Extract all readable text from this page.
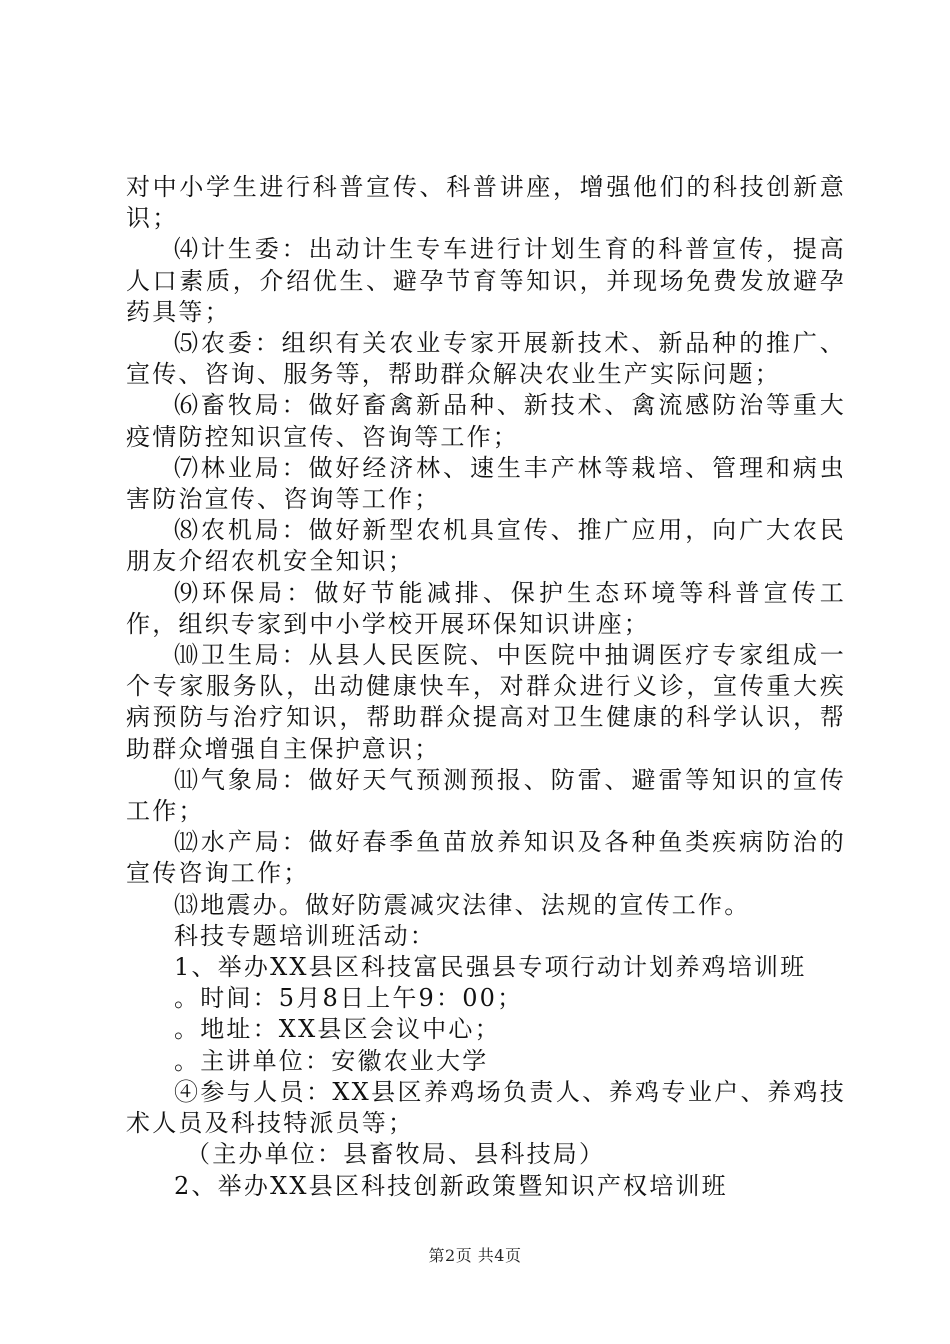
对中小学生进行科普宣传、科普讲座，增强他们的科技创新意识；

⑷计生委：出动计生专车进行计划生育的科普宣传，提高人口素质，介绍优生、避孕节育等知识，并现场免费发放避孕药具等；

⑸农委：组织有关农业专家开展新技术、新品种的推广、宣传、咨询、服务等，帮助群众解决农业生产实际问题；

⑹畜牧局：做好畜禽新品种、新技术、禽流感防治等重大疫情防控知识宣传、咨询等工作；

⑺林业局：做好经济林、速生丰产林等栽培、管理和病虫害防治宣传、咨询等工作；

⑻农机局：做好新型农机具宣传、推广应用，向广大农民朋友介绍农机安全知识；

⑼环保局：做好节能减排、保护生态环境等科普宣传工作，组织专家到中小学校开展环保知识讲座；

⑽卫生局：从县人民医院、中医院中抽调医疗专家组成一个专家服务队，出动健康快车，对群众进行义诊，宣传重大疾病预防与治疗知识，帮助群众提高对卫生健康的科学认识，帮助群众增强自主保护意识；

⑾气象局：做好天气预测预报、防雷、避雷等知识的宣传工作；

⑿水产局：做好春季鱼苗放养知识及各种鱼类疾病防治的宣传咨询工作；

⒀地震办。做好防震减灾法律、法规的宣传工作。

科技专题培训班活动：

1、举办XX县区科技富民强县专项行动计划养鸡培训班

。时间：5月8日上午9：00；

。地址：XX县区会议中心；

。主讲单位：安徽农业大学

④参与人员：XX县区养鸡场负责人、养鸡专业户、养鸡技术人员及科技特派员等；

（主办单位：县畜牧局、县科技局）

2、举办XX县区科技创新政策暨知识产权培训班

第2页 共4页
